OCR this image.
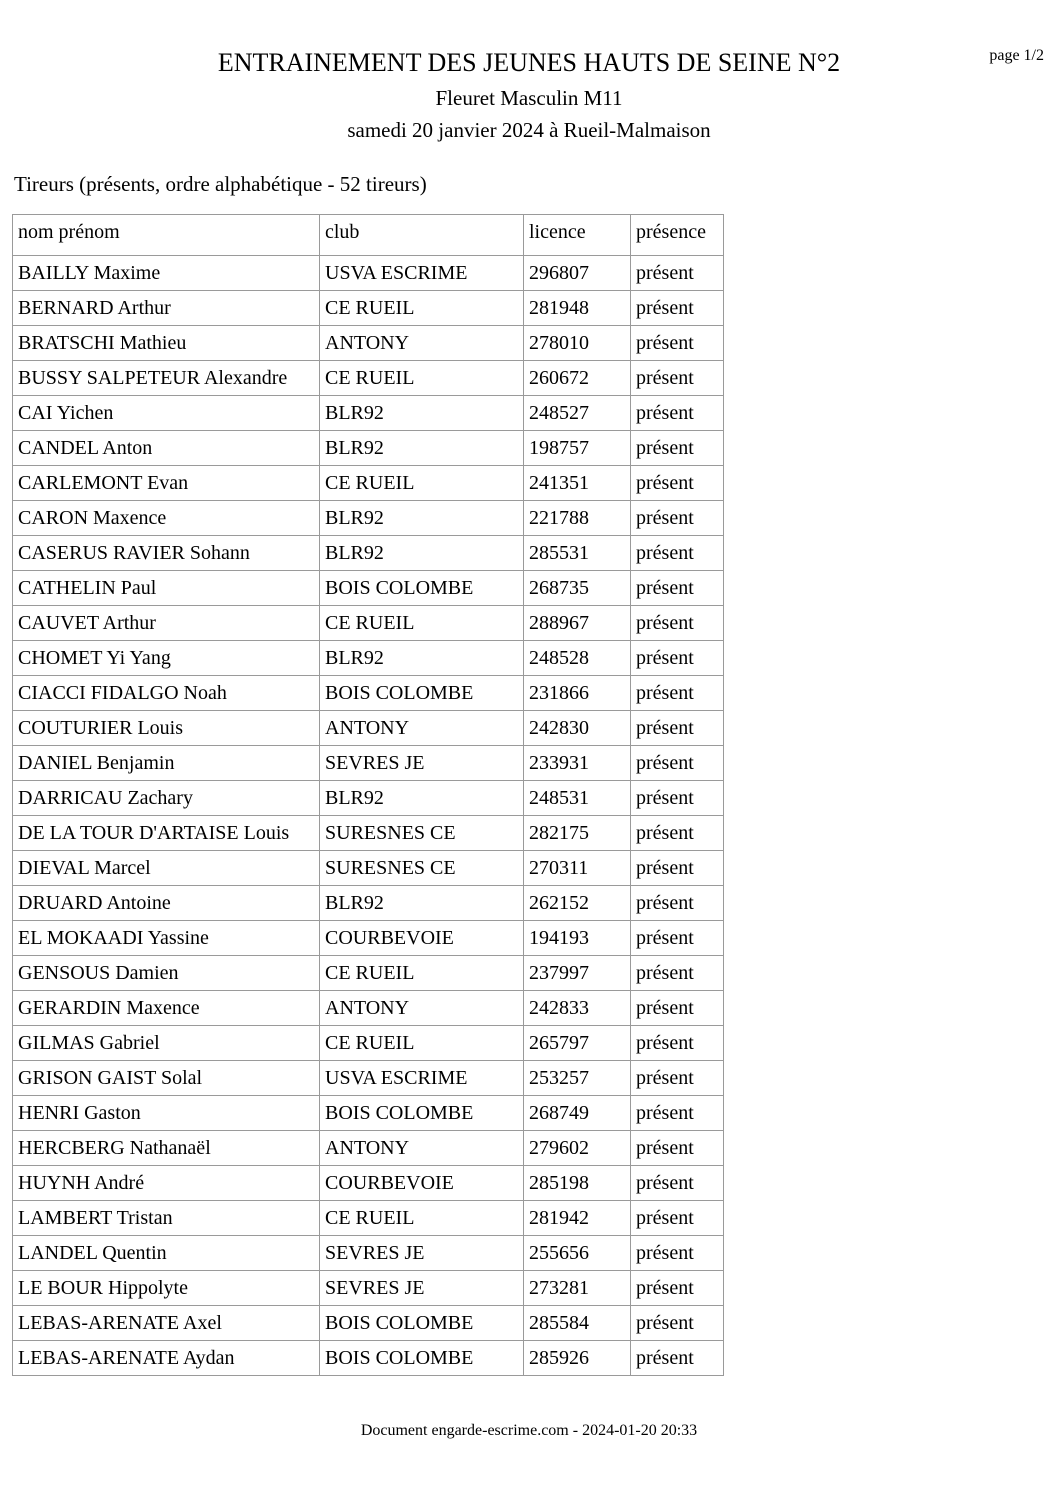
page 1/2
ENTRAINEMENT DES JEUNES HAUTS DE SEINE N°2
Fleuret Masculin M11
samedi 20 janvier 2024 à Rueil-Malmaison
Tireurs (présents, ordre alphabétique - 52 tireurs)
nom prénom	club	licence	présence
BAILLY Maxime	USVA ESCRIME	296807	présent
BERNARD Arthur	CE RUEIL	281948	présent
BRATSCHI Mathieu	ANTONY	278010	présent
BUSSY SALPETEUR Alexandre	CE RUEIL	260672	présent
CAI Yichen	BLR92	248527	présent
CANDEL Anton	BLR92	198757	présent
CARLEMONT Evan	CE RUEIL	241351	présent
CARON Maxence	BLR92	221788	présent
CASERUS RAVIER Sohann	BLR92	285531	présent
CATHELIN Paul	BOIS COLOMBE	268735	présent
CAUVET Arthur	CE RUEIL	288967	présent
CHOMET Yi Yang	BLR92	248528	présent
CIACCI FIDALGO Noah	BOIS COLOMBE	231866	présent
COUTURIER Louis	ANTONY	242830	présent
DANIEL Benjamin	SEVRES JE	233931	présent
DARRICAU Zachary	BLR92	248531	présent
DE LA TOUR D'ARTAISE Louis	SURESNES CE	282175	présent
DIEVAL Marcel	SURESNES CE	270311	présent
DRUARD Antoine	BLR92	262152	présent
EL MOKAADI Yassine	COURBEVOIE	194193	présent
GENSOUS Damien	CE RUEIL	237997	présent
GERARDIN Maxence	ANTONY	242833	présent
GILMAS Gabriel	CE RUEIL	265797	présent
GRISON GAIST Solal	USVA ESCRIME	253257	présent
HENRI Gaston	BOIS COLOMBE	268749	présent
HERCBERG Nathanaël	ANTONY	279602	présent
HUYNH André	COURBEVOIE	285198	présent
LAMBERT Tristan	CE RUEIL	281942	présent
LANDEL Quentin	SEVRES JE	255656	présent
LE BOUR Hippolyte	SEVRES JE	273281	présent
LEBAS-ARENATE Axel	BOIS COLOMBE	285584	présent
LEBAS-ARENATE Aydan	BOIS COLOMBE	285926	présent
Document engarde-escrime.com - 2024-01-20 20:33
